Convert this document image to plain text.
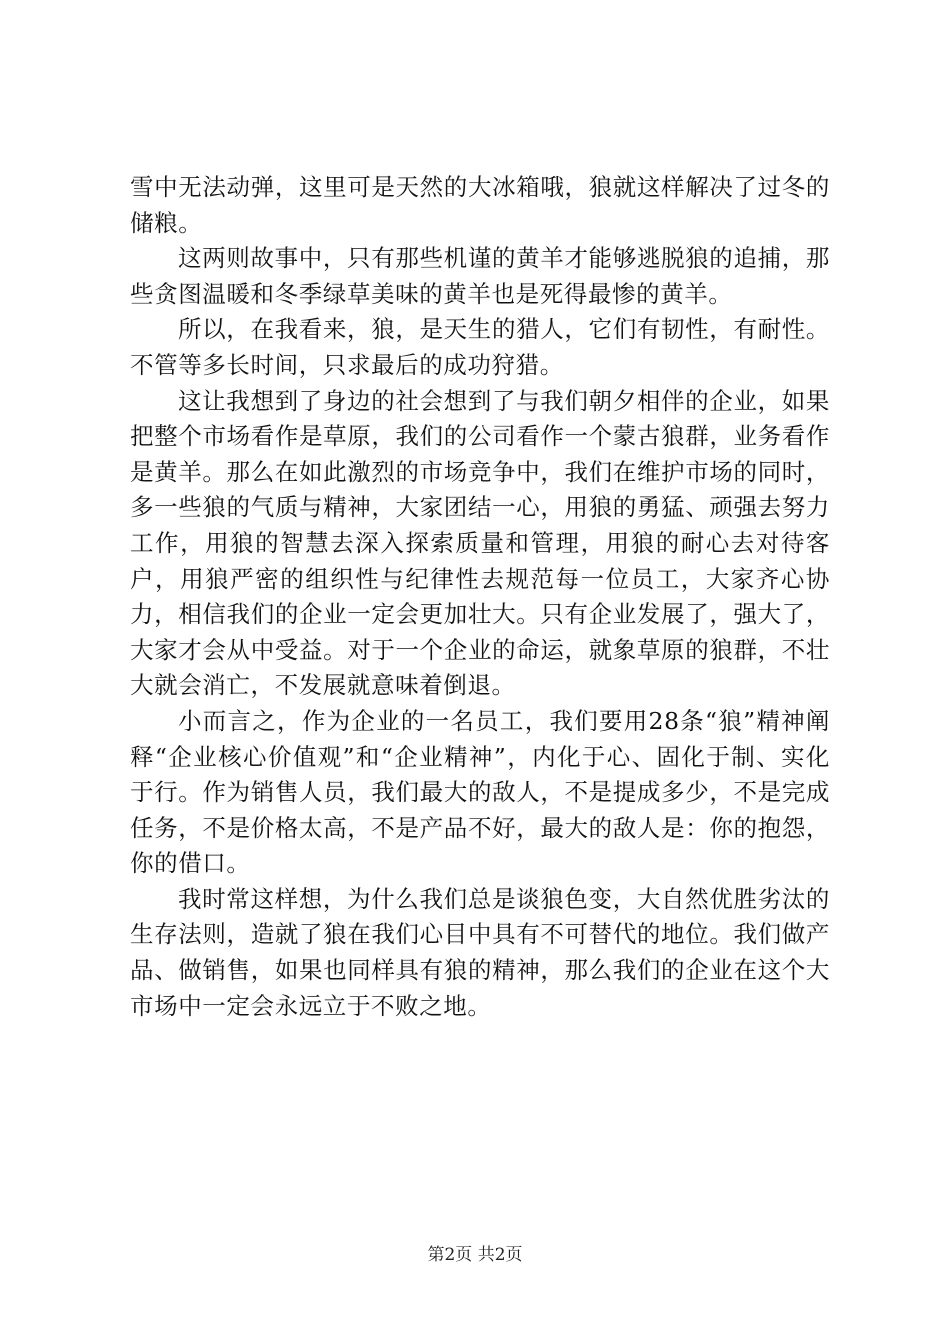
雪中无法动弹，这里可是天然的大冰箱哦，狼就这样解决了过冬的储粮。

这两则故事中，只有那些机谨的黄羊才能够逃脱狼的追捕，那些贪图温暖和冬季绿草美味的黄羊也是死得最惨的黄羊。

所以，在我看来，狼，是天生的猎人，它们有韧性，有耐性。不管等多长时间，只求最后的成功狩猎。

这让我想到了身边的社会想到了与我们朝夕相伴的企业，如果把整个市场看作是草原，我们的公司看作一个蒙古狼群，业务看作是黄羊。那么在如此激烈的市场竞争中，我们在维护市场的同时，多一些狼的气质与精神，大家团结一心，用狼的勇猛、顽强去努力工作，用狼的智慧去深入探索质量和管理，用狼的耐心去对待客户，用狼严密的组织性与纪律性去规范每一位员工，大家齐心协力，相信我们的企业一定会更加壮大。只有企业发展了，强大了，大家才会从中受益。对于一个企业的命运，就象草原的狼群，不壮大就会消亡，不发展就意味着倒退。

小而言之，作为企业的一名员工，我们要用28条“狼”精神阐释“企业核心价值观”和“企业精神”，内化于心、固化于制、实化于行。作为销售人员，我们最大的敌人，不是提成多少，不是完成任务，不是价格太高，不是产品不好，最大的敌人是：你的抱怨，你的借口。

我时常这样想，为什么我们总是谈狼色变，大自然优胜劣汰的生存法则，造就了狼在我们心目中具有不可替代的地位。我们做产品、做销售，如果也同样具有狼的精神，那么我们的企业在这个大市场中一定会永远立于不败之地。

第2页 共2页
